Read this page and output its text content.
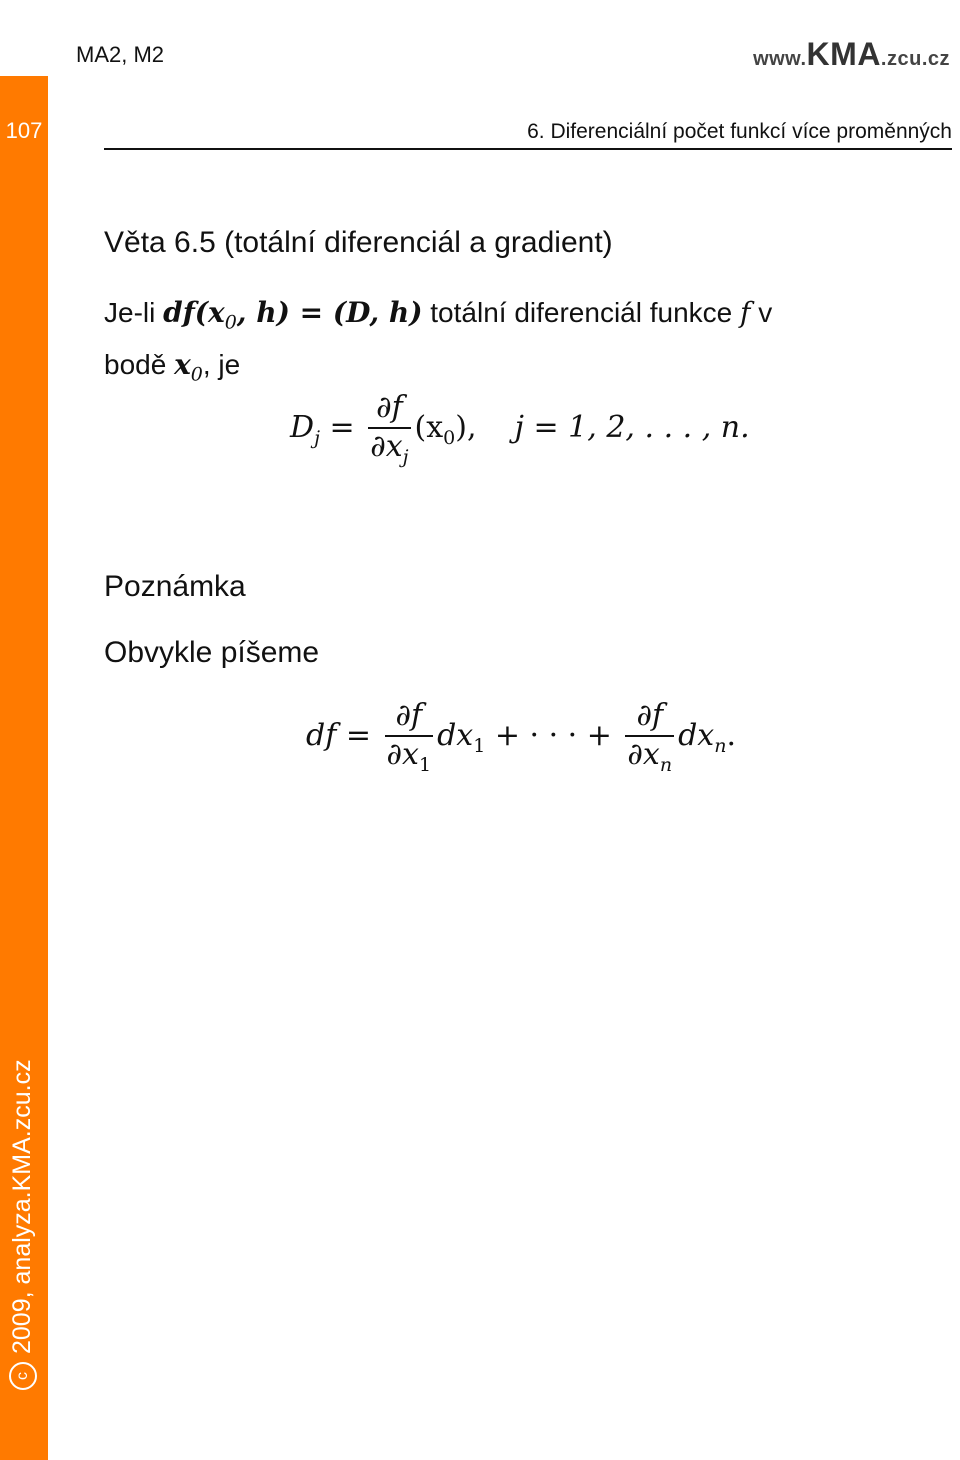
107
c2009, analyza.KMA.zcu.cz
MA2, M2	www.KMA.zcu.cz
6. Diferenciální počet funkcí více proměnných
Věta 6.5 (totální diferenciál a gradient)
Je-li $df(x_0$, h) = (D, h) totální diferenciál funkce f v
bodě $x_0$, je
$D_j = \frac{\partial f}{\partial x_j} (x_0)$, j = 1, 2, . . . , n.
Poznámka
Obvykle píšeme
df = $\frac{\partial f}{\partial x_1} dx_1$ + · · · + $\frac{\partial f}{\partial x_n} dx_n$.
